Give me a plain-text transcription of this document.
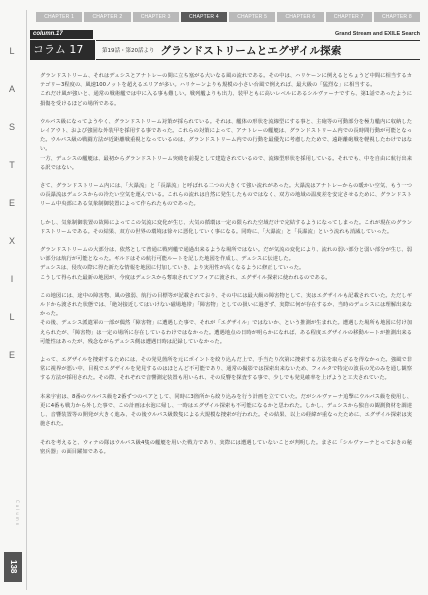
CHAPTER 1	CHAPTER 2	CHAPTER 3	CHAPTER 4	CHAPTER 5	CHAPTER 6	CHAPTER 7	CHAPTER 8
L
A
S
T
E
X
I
L
E
Column
138
column.17
コラム 17
Grand Stream and EXILE Search
第19話・第20話より グランドストリームとエグザイル探索

グランドストリーム、それはデュシスとアナトレーの間に立ち塞がる大いなる風の流れである。その中は、ハリケーンに例えるとちょうど中間に相当するカテゴリー3程度の、風速100ノットを超えるエリアが多い。ハリケーンよりも規模の小さい台風で例えれば、最大級の「猛烈な」に相当する。

これだけ風が強いと、通常の戦術艦では中に入る事も難しい。戦列艦よりも出力、装甲ともに高いレベルにあるシルヴァーナですら、第1話であったように損傷を受けるほどの場所である。

ウルバス級になってようやく、グランドストリーム対策が採られている。それは、艦体の形状を流線型にする事と、主砲等の可動部分を極力艦内に収納したレイアウト、および強固な外装甲を採用する事であった。これらの対策によって、アナトレーの艦艇は、グランドストリーム内での長時間行動が可能となった。ウルバス級の戦闘方法が近距離戦重視となっているのは、グランドストリーム内での行動を最優先に考慮したためで、遠距離砲戦を軽視したわけではない。

一方、デュシスの艦艇は、最初からグランドストリーム突破を前提として建造されているので、流線型形状を採用している。それでも、中を自由に航行出来る訳ではない。

さて、グランドストリーム内には、「大瀑流」と「長瀑流」と呼ばれる二つの大きくて強い流れがあった。大瀑流はアナトレーからの暖かい空気、もう一つの長瀑流はデュシスからの冷たい空気を運んでいる。これらの流れは自然に発生したものではなく、双方の地域の温度差を安定させるために、グランドストリーム中央部にある気象制御装置によって作られたものであった。

しかし、気象制御装置の故障によってこの気流に変化が生じ、大気の循環は一定の限られた空域だけで完結するようになってしまった。これが現在のグランドストリームである。その結果、双方の世界の環境は徐々に悪化していく事になる。同時に、「大瀑流」と「長瀑流」という流れも消滅していった。

グランドストリームの大部分は、依然として普通に戦列艦で通過出来るような場所ではない。だが気流の変化により、流れの弱い部分と弱い部分が生じ、弱い部分は航行が可能となった。ギルドはその航行可能ルートを記した地図を作成し、デュシスに伝達した。

デュシスは、侵攻の際に得た新たな情報を地図に付加していき、より実用性が高くなるように修正していった。

こうして得られた最新の地図が、今度はデュシスから奪取されてソフィアに渡され、エグザイル探索に使われるのである。

この地図には、途中の障害物、風の強弱、航行の目標等が記載されており、その中には最大級の障害物として、実はエグザイルも記載されていた。ただしギルドから渡された状態では、「絶対接近してはいけない磁場地帯」「障害物」としての扱いに過ぎず、実際に何が存在するか、当時のデュシスには理解出来なかった。

その後、デュシス派遣軍の一部が偶然「障害物」に遭遇した事で、それが「エグザイル」ではないか、という推測が生まれた。遭遇した場所も地図に付け加えられたが、「障害物」は一定の場所に存在しているわけではなかった。遭遇地点の日時が明らかになれば、ある程度エグザイルの移動ルートが推測出来る可能性はあったが、残念ながらデュシス側は遭遇日時は記録していなかった。

よって、エグザイルを捜索するためには、その発見箇所を元にポイントを絞り込んだ上で、手当たり次第に捜索する方法を取らざるを得なかった。強風で非常に視界が悪い中、目視でエグザイルを発見するのはほとんど不可能であり、通常の撮影では探索出来ないため、フィルタで特定の波長の光のみを通し観察する方法が採用された。その際、それぞれで音響測定装置も用いられ、その反響を探査する事で、少しでも発見確率を上げようと工夫されていた。

本来宇宙は、8番のウルバス級を2番ずつのペアとして、同時に3箇所から絞り込みを行う計画を立てていた。だがシルヴァーナ追撃にウルバス級を使用し、更に4番も戦力から外した事で、この計画は水泡に帰し、一時はエグザイル探索も不可能になるかと思われた。しかし、デュシスから独自の観測資材を調達し、音響装置等の開発が大きく進み、その後ウルバス級数隻による大規模な捜索が行われた。その結果、以上の経緯が重なったために、エグザイル探索は実施された。

それを考えると、ウィナの隊はウルバス級4隻の艦艇を用いた戦力であり、実際には遭遇していないことが判明した。まさに「シルヴァーナとっておきの秘密兵器」の面目躍如である。
